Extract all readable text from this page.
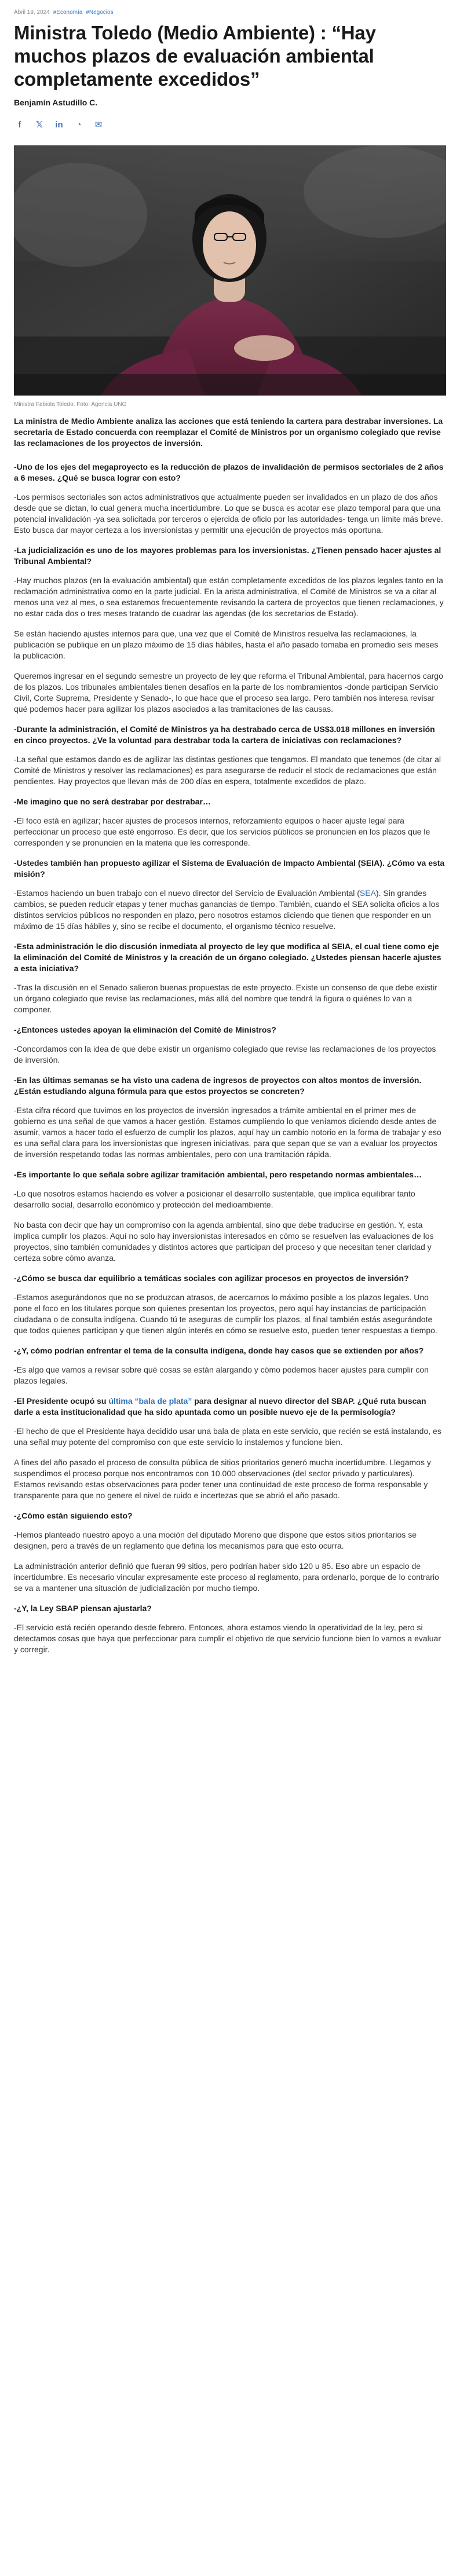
Abril 19, 2024 #Economía #Negocios
Ministra Toledo (Medio Ambiente) : “Hay muchos plazos de evaluación ambiental completamente excedidos”
Benjamín Astudillo C.
f	𝕏 in	◔	✉
Ministra Fabiola Toledo. Foto: Agencia UNO
La ministra de Medio Ambiente analiza las acciones que está teniendo la cartera para destrabar inversiones. La secretaria de Estado concuerda con reemplazar el Comité de Ministros por un organismo colegiado que revise las reclamaciones de los proyectos de inversión.

-Uno de los ejes del megaproyecto es la reducción de plazos de invalidación de permisos sectoriales de 2 años a 6 meses. ¿Qué se busca lograr con esto?

-Los permisos sectoriales son actos administrativos que actualmente pueden ser invalidados en un plazo de dos años desde que se dictan, lo cual genera mucha incertidumbre. Lo que se busca es acotar ese plazo temporal para que una potencial invalidación -ya sea solicitada por terceros o ejercida de oficio por las autoridades- tenga un límite más breve. Esto busca dar mayor certeza a los inversionistas y permitir una ejecución de proyectos más oportuna.

-La judicialización es uno de los mayores problemas para los inversionistas. ¿Tienen pensado hacer ajustes al Tribunal Ambiental?

-Hay muchos plazos (en la evaluación ambiental) que están completamente excedidos de los plazos legales tanto en la reclamación administrativa como en la parte judicial. En la arista administrativa, el Comité de Ministros se va a citar al menos una vez al mes, o sea estaremos frecuentemente revisando la cartera de proyectos que tienen reclamaciones, y no estar cada dos o tres meses tratando de cuadrar las agendas (de los secretarios de Estado).

Se están haciendo ajustes internos para que, una vez que el Comité de Ministros resuelva las reclamaciones, la publicación se publique en un plazo máximo de 15 días hábiles, hasta el año pasado tomaba en promedio seis meses la publicación.

Queremos ingresar en el segundo semestre un proyecto de ley que reforma el Tribunal Ambiental, para hacernos cargo de los plazos. Los tribunales ambientales tienen desafíos en la parte de los nombramientos -donde participan Servicio Civil, Corte Suprema, Presidente y Senado-, lo que hace que el proceso sea largo. Pero también nos interesa revisar qué podemos hacer para agilizar los plazos asociados a las tramitaciones de las causas.

-Durante la administración, el Comité de Ministros ya ha destrabado cerca de US$3.018 millones en inversión en cinco proyectos. ¿Ve la voluntad para destrabar toda la cartera de iniciativas con reclamaciones?

-La señal que estamos dando es de agilizar las distintas gestiones que tengamos. El mandato que tenemos (de citar al Comité de Ministros y resolver las reclamaciones) es para asegurarse de reducir el stock de reclamaciones que están pendientes. Hay proyectos que llevan más de 200 días en espera, totalmente excedidos de plazo.

-Me imagino que no será destrabar por destrabar…

-El foco está en agilizar; hacer ajustes de procesos internos, reforzamiento equipos o hacer ajuste legal para perfeccionar un proceso que esté engorroso. Es decir, que los servicios públicos se pronuncien en los plazos que le corresponden y se pronuncien en la materia que les corresponde.

-Ustedes también han propuesto agilizar el Sistema de Evaluación de Impacto Ambiental (SEIA). ¿Cómo va esta misión?

-Estamos haciendo un buen trabajo con el nuevo director del Servicio de Evaluación Ambiental (SEA). Sin grandes cambios, se pueden reducir etapas y tener muchas ganancias de tiempo. También, cuando el SEA solicita oficios a los distintos servicios públicos no responden en plazo, pero nosotros estamos diciendo que tienen que responder en un máximo de 15 días hábiles y, sino se recibe el documento, el organismo técnico resuelve.

-Esta administración le dio discusión inmediata al proyecto de ley que modifica al SEIA, el cual tiene como eje la eliminación del Comité de Ministros y la creación de un órgano colegiado. ¿Ustedes piensan hacerle ajustes a esta iniciativa?

-Tras la discusión en el Senado salieron buenas propuestas de este proyecto. Existe un consenso de que debe existir un órgano colegiado que revise las reclamaciones, más allá del nombre que tendrá la figura o quiénes lo van a componer.

-¿Entonces ustedes apoyan la eliminación del Comité de Ministros?

-Concordamos con la idea de que debe existir un organismo colegiado que revise las reclamaciones de los proyectos de inversión.

-En las últimas semanas se ha visto una cadena de ingresos de proyectos con altos montos de inversión. ¿Están estudiando alguna fórmula para que estos proyectos se concreten?

-Esta cifra récord que tuvimos en los proyectos de inversión ingresados a trámite ambiental en el primer mes de gobierno es una señal de que vamos a hacer gestión. Estamos cumpliendo lo que veníamos diciendo desde antes de asumir, vamos a hacer todo el esfuerzo de cumplir los plazos, aquí hay un cambio notorio en la forma de trabajar y eso es una señal clara para los inversionistas que ingresen iniciativas, para que sepan que se van a evaluar los proyectos de inversión respetando todas las normas ambientales, pero con una tramitación rápida.

-Es importante lo que señala sobre agilizar tramitación ambiental, pero respetando normas ambientales…

-Lo que nosotros estamos haciendo es volver a posicionar el desarrollo sustentable, que implica equilibrar tanto desarrollo social, desarrollo económico y protección del medioambiente.

No basta con decir que hay un compromiso con la agenda ambiental, sino que debe traducirse en gestión. Y, esta implica cumplir los plazos. Aquí no solo hay inversionistas interesados en cómo se resuelven las evaluaciones de los proyectos, sino también comunidades y distintos actores que participan del proceso y que necesitan tener claridad y certeza sobre cómo avanza.

-¿Cómo se busca dar equilibrio a temáticas sociales con agilizar procesos en proyectos de inversión?

-Estamos asegurándonos que no se produzcan atrasos, de acercarnos lo máximo posible a los plazos legales. Uno pone el foco en los titulares porque son quienes presentan los proyectos, pero aquí hay instancias de participación ciudadana o de consulta indígena. Cuando tú te aseguras de cumplir los plazos, al final también estás asegurándote que todos quienes participan y que tienen algún interés en cómo se resuelve esto, pueden tener respuestas a tiempo.

-¿Y, cómo podrían enfrentar el tema de la consulta indígena, donde hay casos que se extienden por años?

-Es algo que vamos a revisar sobre qué cosas se están alargando y cómo podemos hacer ajustes para cumplir con plazos legales.

-El Presidente ocupó su última “bala de plata” para designar al nuevo director del SBAP. ¿Qué ruta buscan darle a esta institucionalidad que ha sido apuntada como un posible nuevo eje de la permisología?

-El hecho de que el Presidente haya decidido usar una bala de plata en este servicio, que recién se está instalando, es una señal muy potente del compromiso con que este servicio lo instalemos y funcione bien.

A fines del año pasado el proceso de consulta pública de sitios prioritarios generó mucha incertidumbre. Llegamos y suspendimos el proceso porque nos encontramos con 10.000 observaciones (del sector privado y particulares). Estamos revisando estas observaciones para poder tener una continuidad de este proceso de forma responsable y transparente para que no genere el nivel de ruido e incertezas que se abrió el año pasado.

-¿Cómo están siguiendo esto?

-Hemos planteado nuestro apoyo a una moción del diputado Moreno que dispone que estos sitios prioritarios se designen, pero a través de un reglamento que defina los mecanismos para que esto ocurra.

La administración anterior definió que fueran 99 sitios, pero podrían haber sido 120 u 85. Eso abre un espacio de incertidumbre. Es necesario vincular expresamente este proceso al reglamento, para ordenarlo, porque de lo contrario se va a mantener una situación de judicialización por mucho tiempo.

-¿Y, la Ley SBAP piensan ajustarla?

-El servicio está recién operando desde febrero. Entonces, ahora estamos viendo la operatividad de la ley, pero si detectamos cosas que haya que perfeccionar para cumplir el objetivo de que servicio funcione bien lo vamos a evaluar y corregir.
